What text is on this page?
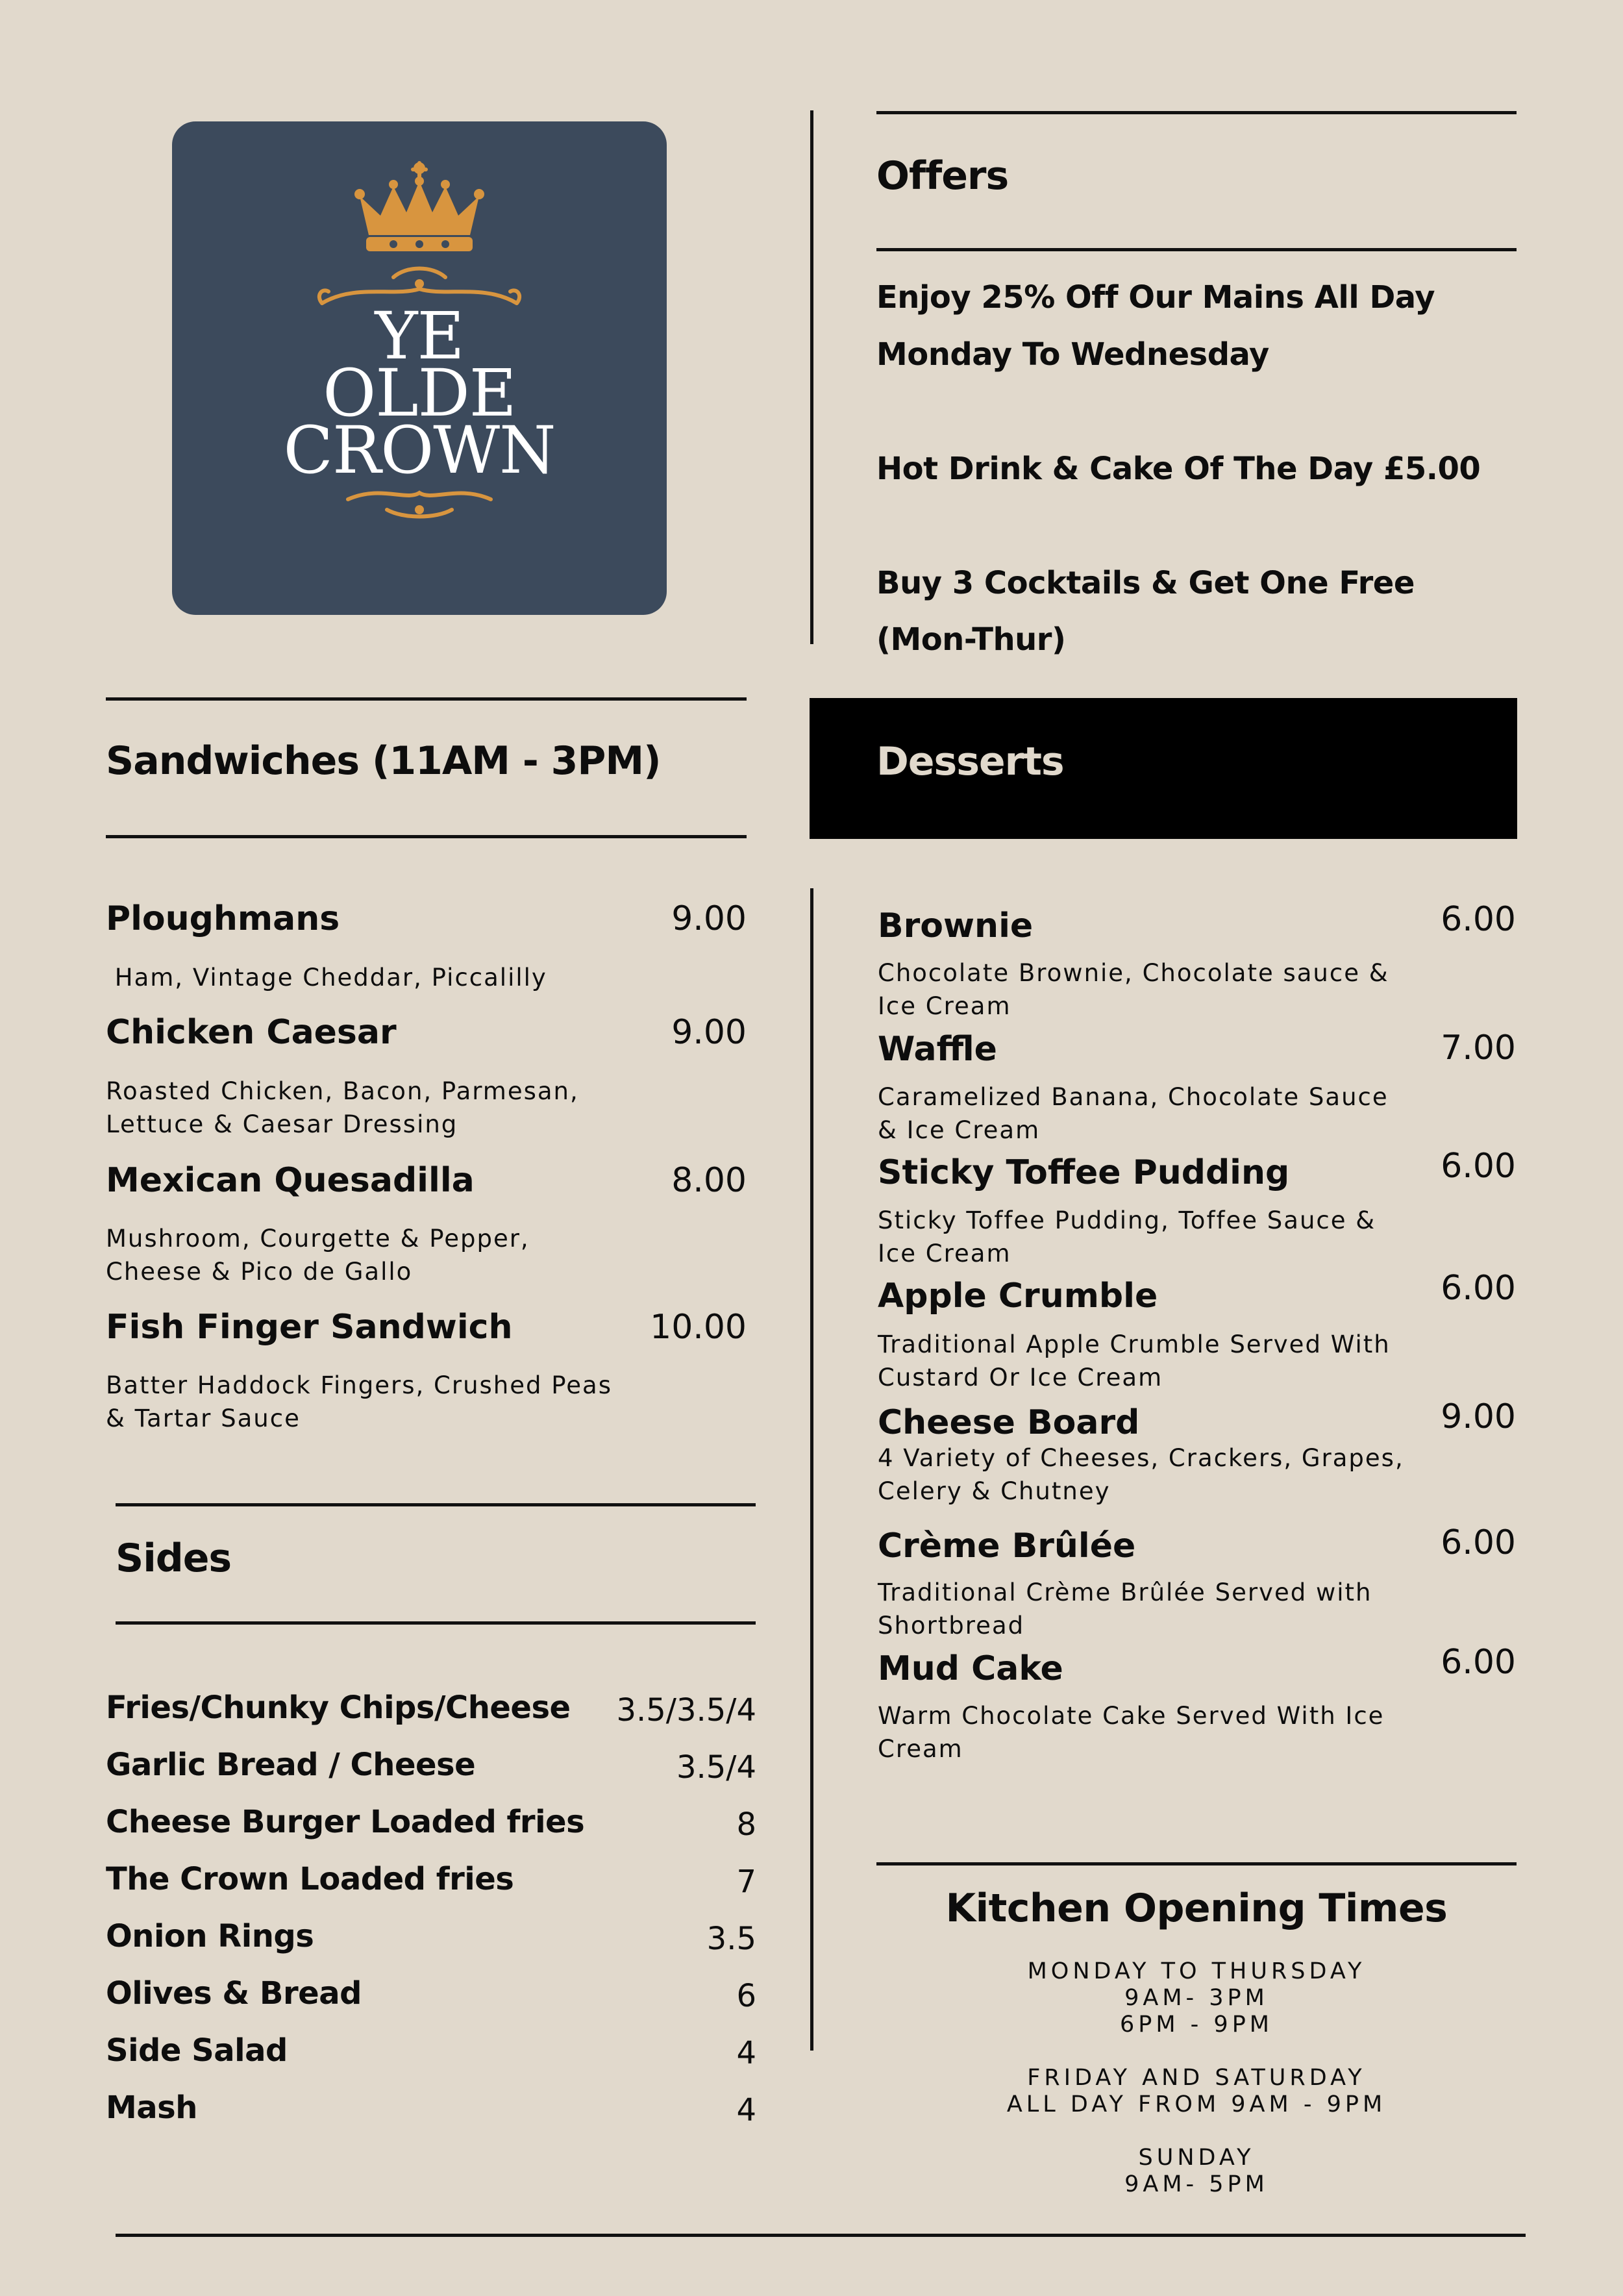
YE
OLDE
CROWN
Offers
Enjoy 25% Off Our Mains All Day
Monday To Wednesday
Hot Drink & Cake Of The Day £5.00
Buy 3 Cocktails & Get One Free
(Mon-Thur)
Sandwiches (11AM - 3PM)
Ploughmans	9.00
Ham, Vintage Cheddar, Piccalilly
Chicken Caesar	9.00
Roasted Chicken, Bacon, Parmesan,
Lettuce & Caesar Dressing
Mexican Quesadilla	8.00
Mushroom, Courgette & Pepper,
Cheese & Pico de Gallo
Fish Finger Sandwich	10.00
Batter Haddock Fingers, Crushed Peas
& Tartar Sauce
Sides
Fries/Chunky Chips/Cheese	3.5/3.5/4
Garlic Bread / Cheese	3.5/4
Cheese Burger Loaded fries	8
The Crown Loaded fries	7
Onion Rings	3.5
Olives & Bread	6
Side Salad	4
Mash	4
Desserts
Brownie	6.00
Chocolate Brownie, Chocolate sauce &
Ice Cream
Waffle	7.00
Caramelized Banana, Chocolate Sauce
& Ice Cream
Sticky Toffee Pudding	6.00
Sticky Toffee Pudding, Toffee Sauce &
Ice Cream
Apple Crumble	6.00
Traditional Apple Crumble Served With
Custard Or Ice Cream
Cheese Board	9.00
4 Variety of Cheeses, Crackers, Grapes,
Celery & Chutney
Crème Brûlée	6.00
Traditional Crème Brûlée Served with
Shortbread
Mud Cake	6.00
Warm Chocolate Cake Served With Ice
Cream
Kitchen Opening Times
MONDAY TO THURSDAY
9AM- 3PM
6PM - 9PM
FRIDAY AND SATURDAY
ALL DAY FROM 9AM - 9PM
SUNDAY
9AM- 5PM
